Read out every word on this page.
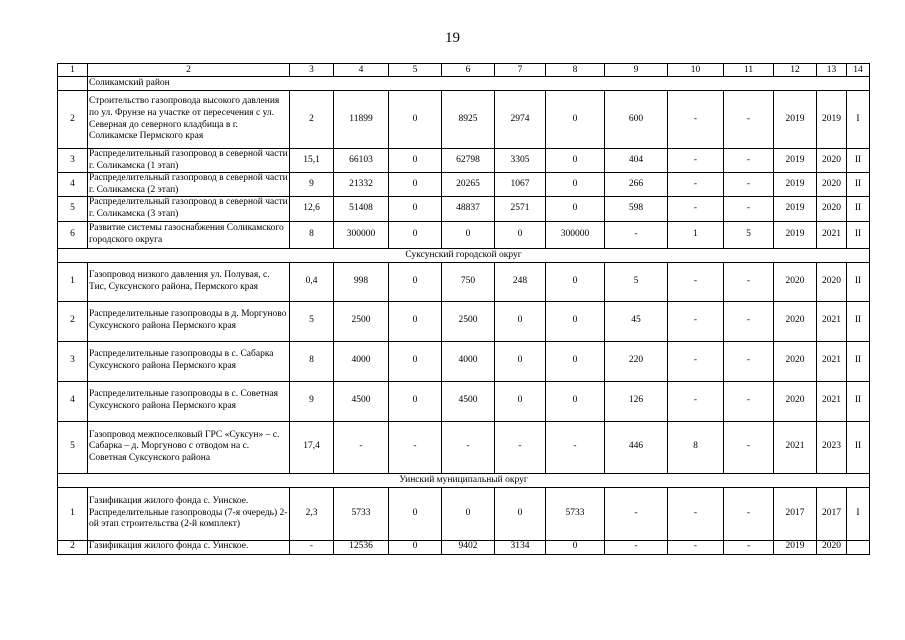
19
1	2	3	4	5	6	7	8	9	10	11	12	13	14
	Соликамский район												
2	Строительство газопровода высокого давления по ул. Фрунзе на участке от пересечения с ул. Северная до северного кладбища в г. Соликамске Пермского края	2	11899	0	8925	2974	0	600	-	-	2019	2019	I
3	Распределительный газопровод в северной части г. Соликамска (1 этап)	15,1	66103	0	62798	3305	0	404	-	-	2019	2020	II
4	Распределительный газопровод в северной части г. Соликамска (2 этап)	9	21332	0	20265	1067	0	266	-	-	2019	2020	II
5	Распределительный газопровод в северной части г. Соликамска (3 этап)	12,6	51408	0	48837	2571	0	598	-	-	2019	2020	II
6	Развитие системы газоснабжения Соликамского городского округа	8	300000	0	0	0	300000	-	1	5	2019	2021	II
Суксунский городской округ													
1	Газопровод низкого давления ул. Полувая, с. Тис, Суксунского района, Пермского края	0,4	998	0	750	248	0	5	-	-	2020	2020	II
2	Распределительные газопроводы в д. Моргуново Суксунского района Пермского края	5	2500	0	2500	0	0	45	-	-	2020	2021	II
3	Распределительные газопроводы в с. Сабарка Суксунского района Пермского края	8	4000	0	4000	0	0	220	-	-	2020	2021	II
4	Распределительные газопроводы в с. Советная Суксунского района Пермского края	9	4500	0	4500	0	0	126	-	-	2020	2021	II
5	Газопровод межпоселковый ГРС «Суксун» – с. Сабарка – д. Моргуново с отводом на с. Советная Суксунского района	17,4	-	-	-	-	-	446	8	-	2021	2023	II
Уинский муниципальный округ													
1	Газификация жилого фонда с. Уинское. Распределительные газопроводы (7-я очередь) 2-ой этап строительства (2-й комплект)	2,3	5733	0	0	0	5733	-	-	-	2017	2017	I
2	Газификация жилого фонда с. Уинское.	-	12536	0	9402	3134	0	-	-	-	2019	2020	
